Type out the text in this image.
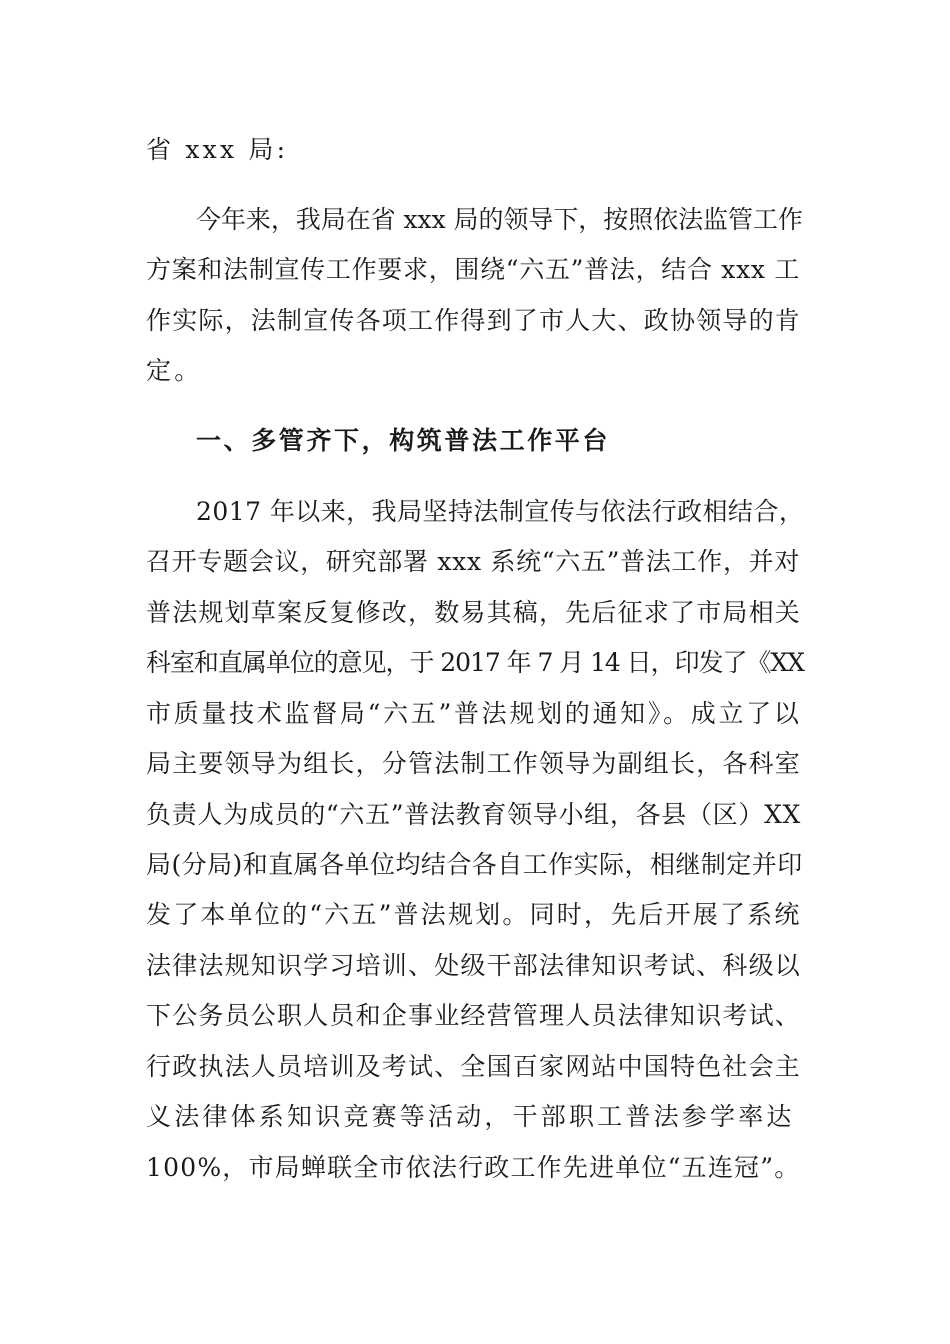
省 xxx 局:

今年来，我局在省 xxx 局的领导下，按照依法监管工作

方案和法制宣传工作要求，围绕“六五”普法，结合 xxx 工

作实际，法制宣传各项工作得到了市人大、政协领导的肯

定。

一、多管齐下，构筑普法工作平台

2017 年以来，我局坚持法制宣传与依法行政相结合，

召开专题会议，研究部署 xxx 系统“六五”普法工作，并对

普法规划草案反复修改，数易其稿，先后征求了市局相关

科室和直属单位的意见，于 2017 年 7 月 14 日，印发了《XX

市质量技术监督局“六五”普法规划的通知》。成立了以

局主要领导为组长，分管法制工作领导为副组长，各科室

负责人为成员的“六五”普法教育领导小组，各县（区）XX

局(分局)和直属各单位均结合各自工作实际，相继制定并印

发了本单位的“六五”普法规划。同时，先后开展了系统

法律法规知识学习培训、处级干部法律知识考试、科级以

下公务员公职人员和企事业经营管理人员法律知识考试、

行政执法人员培训及考试、全国百家网站中国特色社会主

义法律体系知识竞赛等活动，干部职工普法参学率达

100%，市局蝉联全市依法行政工作先进单位“五连冠”。
